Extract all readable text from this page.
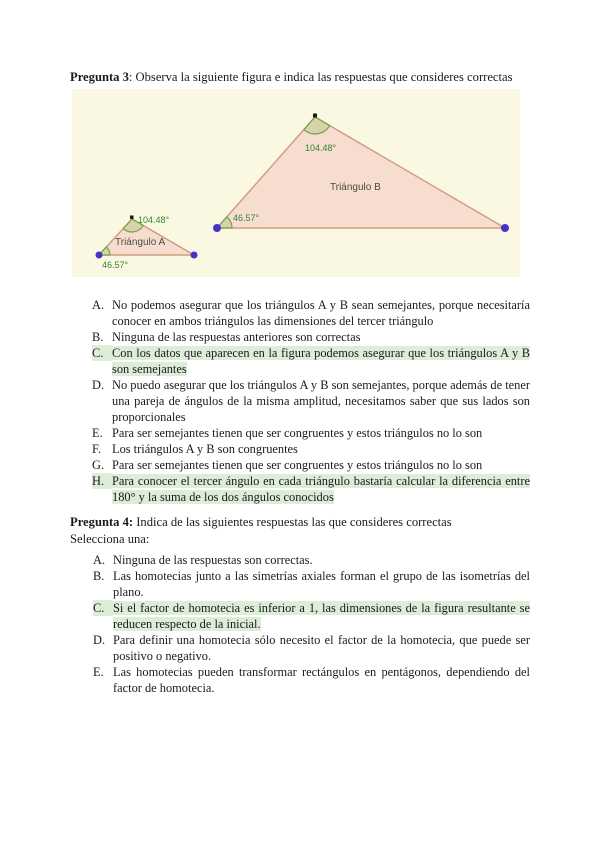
Pregunta 3: Observa la siguiente figura e indica las respuestas que consideres correctas
104.48°
Triángulo B
46.57°
104.48°
Triángulo A
46.57°
A. No podemos asegurar que los triángulos A y B sean semejantes, porque necesitaría conocer en ambos triángulos las dimensiones del tercer triángulo
B. Ninguna de las respuestas anteriores son correctas
C. Con los datos que aparecen en la figura podemos asegurar que los triángulos A y B son semejantes
D. No puedo asegurar que los triángulos A y B son semejantes, porque además de tener una pareja de ángulos de la misma amplitud, necesitamos saber que sus lados son proporcionales
E. Para ser semejantes tienen que ser congruentes y estos triángulos no lo son
F. Los triángulos A y B son congruentes
G. Para ser semejantes tienen que ser congruentes y estos triángulos no lo son
H. Para conocer el tercer ángulo en cada triángulo bastaría calcular la diferencia entre 180° y la suma de los dos ángulos conocidos
Pregunta 4: Indica de las siguientes respuestas las que consideres correctas
Selecciona una:
A. Ninguna de las respuestas son correctas.
B. Las homotecias junto a las simetrías axiales forman el grupo de las isometrías del plano.
C. Si el factor de homotecia es inferior a 1, las dimensiones de la figura resultante se reducen respecto de la inicial.
D. Para definir una homotecia sólo necesito el factor de la homotecia, que puede ser positivo o negativo.
E. Las homotecias pueden transformar rectángulos en pentágonos, dependiendo del factor de homotecia.
